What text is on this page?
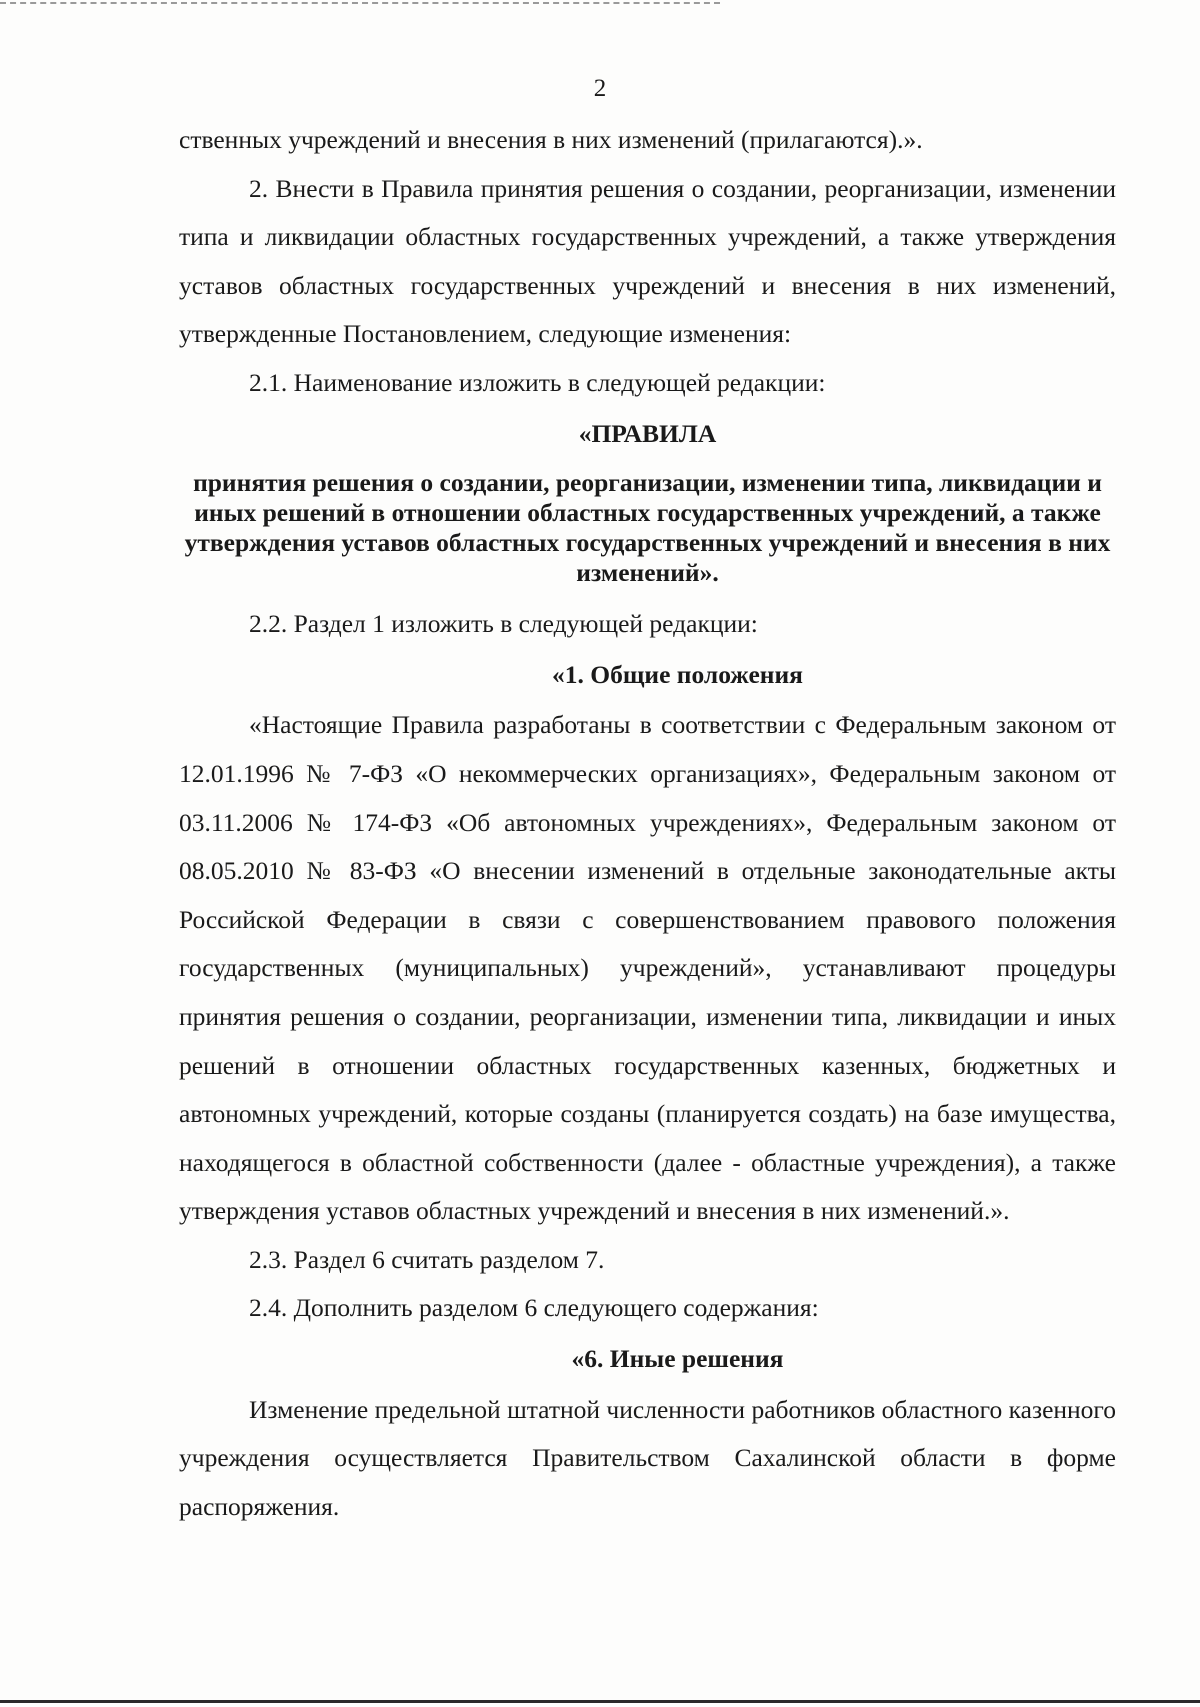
2

ственных учреждений и внесения в них изменений (прилагаются).».

2. Внести в Правила принятия решения о создании, реорганизации, изменении типа и ликвидации областных государственных учреждений, а также утверждения уставов областных государственных учреждений и внесения в них изменений, утвержденные Постановлением, следующие изменения:

2.1. Наименование изложить в следующей редакции:

«ПРАВИЛА

принятия решения о создании, реорганизации, изменении типа, ликвидации и иных решений в отношении областных государственных учреждений, а также утверждения уставов областных государственных учреждений и внесения в них изменений».

2.2. Раздел 1 изложить в следующей редакции:

«1. Общие положения

«Настоящие Правила разработаны в соответствии с Федеральным законом от 12.01.1996 № 7-ФЗ «О некоммерческих организациях», Федеральным законом от 03.11.2006 № 174-ФЗ «Об автономных учреждениях», Федеральным законом от 08.05.2010 № 83-ФЗ «О внесении изменений в отдельные законодательные акты Российской Федерации в связи с совершенствованием правового положения государственных (муниципальных) учреждений», устанавливают процедуры принятия решения о создании, реорганизации, изменении типа, ликвидации и иных решений в отношении областных государственных казенных, бюджетных и автономных учреждений, которые созданы (планируется создать) на базе имущества, находящегося в областной собственности (далее - областные учреждения), а также утверждения уставов областных учреждений и внесения в них изменений.».

2.3. Раздел 6 считать разделом 7.

2.4. Дополнить разделом 6 следующего содержания:

«6. Иные решения

Изменение предельной штатной численности работников областного казенного учреждения осуществляется Правительством Сахалинской области в форме распоряжения.
